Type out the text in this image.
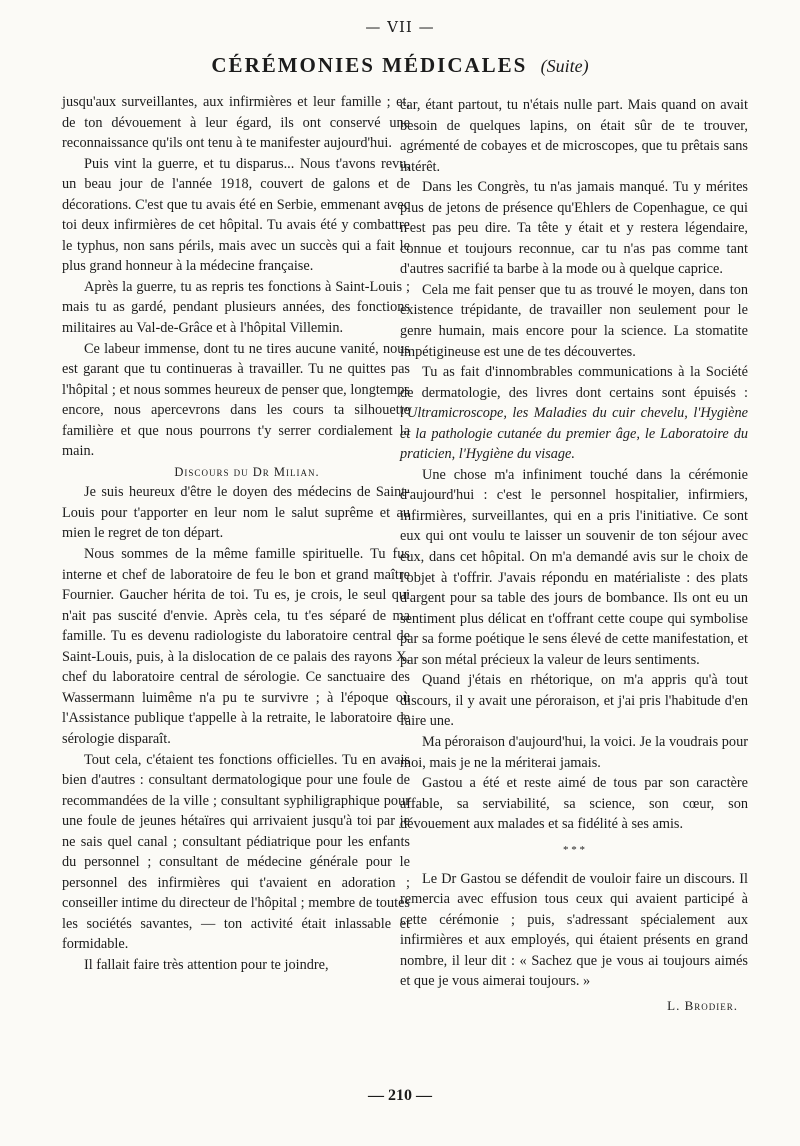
— VII —
CÉRÉMONIES MÉDICALES (Suite)

jusqu'aux surveillantes, aux infirmières et leur famille ; et, de ton dévouement à leur égard, ils ont conservé une reconnaissance qu'ils ont tenu à te manifester aujourd'hui.

Puis vint la guerre, et tu disparus... Nous t'avons revu, un beau jour de l'année 1918, couvert de galons et de décorations. C'est que tu avais été en Serbie, emmenant avec toi deux infirmières de cet hôpital. Tu avais été y combattre le typhus, non sans périls, mais avec un succès qui a fait le plus grand honneur à la médecine française.

Après la guerre, tu as repris tes fonctions à Saint-Louis ; mais tu as gardé, pendant plusieurs années, des fonctions militaires au Val-de-Grâce et à l'hôpital Villemin.

Ce labeur immense, dont tu ne tires aucune vanité, nous est garant que tu continueras à travailler. Tu ne quittes pas l'hôpital ; et nous sommes heureux de penser que, longtemps encore, nous apercevrons dans les cours ta silhouette familière et que nous pourrons t'y serrer cordialement la main.

Discours du Dr Milian.

Je suis heureux d'être le doyen des médecins de Saint-Louis pour t'apporter en leur nom le salut suprême et au mien le regret de ton départ.

Nous sommes de la même famille spirituelle. Tu fus interne et chef de laboratoire de feu le bon et grand maître Fournier. Gaucher hérita de toi. Tu es, je crois, le seul qui n'ait pas suscité d'envie. Après cela, tu t'es séparé de ma famille. Tu es devenu radiologiste du laboratoire central de Saint-Louis, puis, à la dislocation de ce palais des rayons X, chef du laboratoire central de sérologie. Ce sanctuaire des Wassermann luimême n'a pu te survivre ; à l'époque où l'Assistance publique t'appelle à la retraite, le laboratoire de sérologie disparaît.

Tout cela, c'étaient tes fonctions officielles. Tu en avais bien d'autres : consultant dermatologique pour une foule de recommandées de la ville ; consultant syphiligraphique pour une foule de jeunes hétaïres qui arrivaient jusqu'à toi par je ne sais quel canal ; consultant pédiatrique pour les enfants du personnel ; consultant de médecine générale pour le personnel des infirmières qui t'avaient en adoration ; conseiller intime du directeur de l'hôpital ; membre de toutes les sociétés savantes, — ton activité était inlassable et formidable.

Il fallait faire très attention pour te joindre,

car, étant partout, tu n'étais nulle part. Mais quand on avait besoin de quelques lapins, on était sûr de te trouver, agrémenté de cobayes et de microscopes, que tu prêtais sans intérêt.

Dans les Congrès, tu n'as jamais manqué. Tu y mérites plus de jetons de présence qu'Ehlers de Copenhague, ce qui n'est pas peu dire. Ta tête y était et y restera légendaire, connue et toujours reconnue, car tu n'as pas comme tant d'autres sacrifié ta barbe à la mode ou à quelque caprice.

Cela me fait penser que tu as trouvé le moyen, dans ton existence trépidante, de travailler non seulement pour le genre humain, mais encore pour la science. La stomatite impétigineuse est une de tes découvertes.

Tu as fait d'innombrables communications à la Société de dermatologie, des livres dont certains sont épuisés : l'Ultramicroscope, les Maladies du cuir chevelu, l'Hygiène et la pathologie cutanée du premier âge, le Laboratoire du praticien, l'Hygiène du visage.

Une chose m'a infiniment touché dans la cérémonie d'aujourd'hui : c'est le personnel hospitalier, infirmiers, infirmières, surveillantes, qui en a pris l'initiative. Ce sont eux qui ont voulu te laisser un souvenir de ton séjour avec eux, dans cet hôpital. On m'a demandé avis sur le choix de l'objet à t'offrir. J'avais répondu en matérialiste : des plats d'argent pour sa table des jours de bombance. Ils ont eu un sentiment plus délicat en t'offrant cette coupe qui symbolise par sa forme poétique le sens élevé de cette manifestation, et par son métal précieux la valeur de leurs sentiments.

Quand j'étais en rhétorique, on m'a appris qu'à tout discours, il y avait une péroraison, et j'ai pris l'habitude d'en faire une.

Ma péroraison d'aujourd'hui, la voici. Je la voudrais pour moi, mais je ne la mériterai jamais.

Gastou a été et reste aimé de tous par son caractère affable, sa serviabilité, sa science, son cœur, son dévouement aux malades et sa fidélité à ses amis.

* * *

Le Dr Gastou se défendit de vouloir faire un discours. Il remercia avec effusion tous ceux qui avaient participé à cette cérémonie ; puis, s'adressant spécialement aux infirmières et aux employés, qui étaient présents en grand nombre, il leur dit : « Sachez que je vous ai toujours aimés et que je vous aimerai toujours. »

L. Brodier.
— 210 —
